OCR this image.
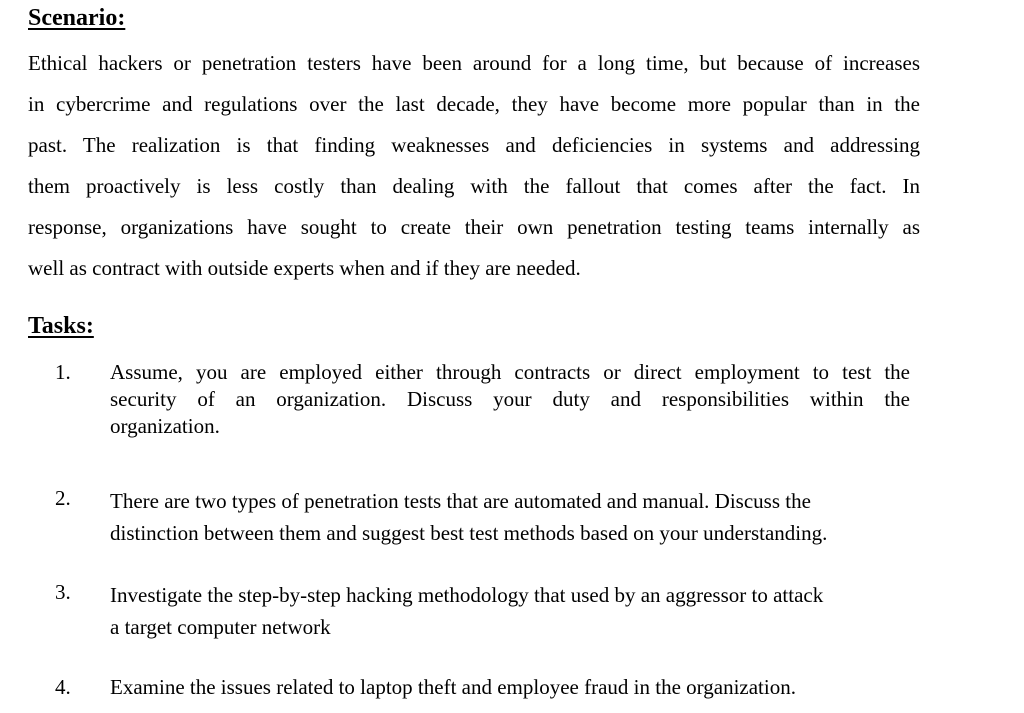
Scenario:
Ethical hackers or penetration testers have been around for a long time, but because of increases
in cybercrime and regulations over the last decade, they have become more popular than in the
past. The realization is that finding weaknesses and deficiencies in systems and addressing
them proactively is less costly than dealing with the fallout that comes after the fact. In
response, organizations have sought to create their own penetration testing teams internally as
well as contract with outside experts when and if they are needed.
Tasks:
1. Assume, you are employed either through contracts or direct employment to test the
security of an organization. Discuss your duty and responsibilities within the
organization.
2. There are two types of penetration tests that are automated and manual. Discuss the
distinction between them and suggest best test methods based on your understanding.
3. Investigate the step-by-step hacking methodology that used by an aggressor to attack
a target computer network
4. Examine the issues related to laptop theft and employee fraud in the organization.
